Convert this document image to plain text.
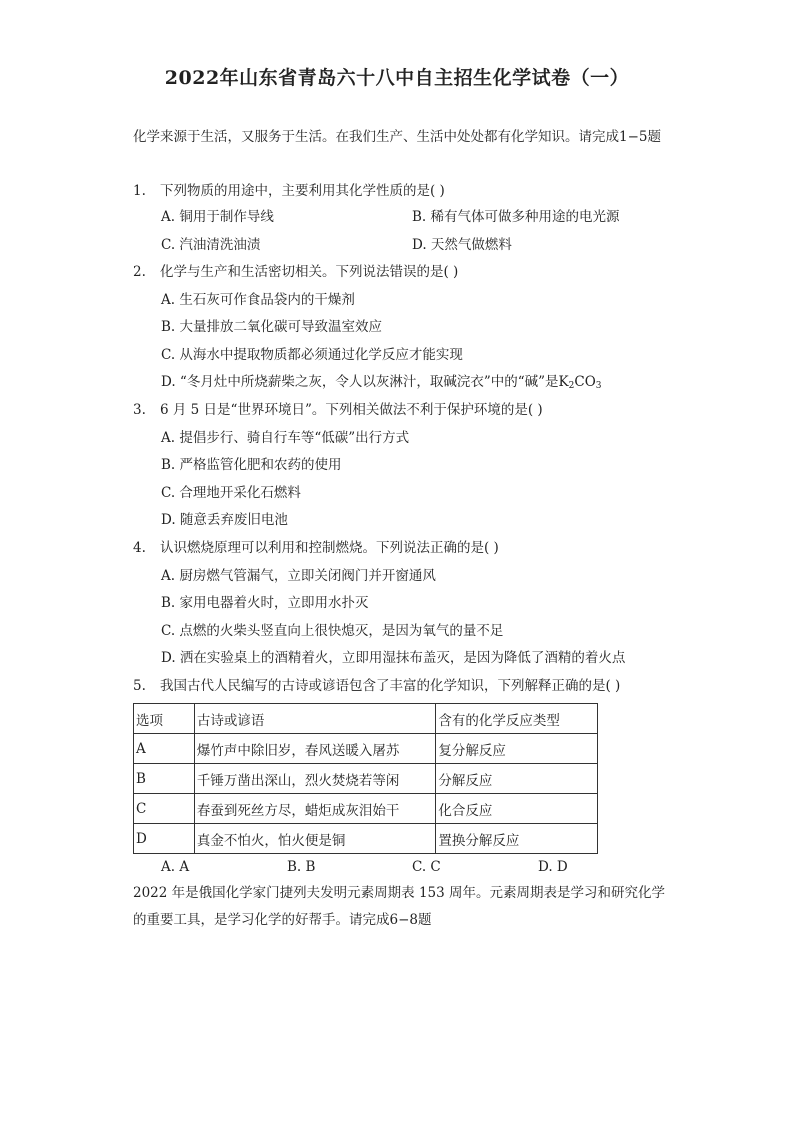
2022年山东省青岛六十八中自主招生化学试卷（一）
化学来源于生活，又服务于生活。在我们生产、生活中处处都有化学知识。请完成1−5题
1. 下列物质的用途中，主要利用其化学性质的是( )
A. 铜用于制作导线	B. 稀有气体可做多种用途的电光源
C. 汽油清洗油渍	D. 天然气做燃料
2. 化学与生产和生活密切相关。下列说法错误的是( )
A. 生石灰可作食品袋内的干燥剂
B. 大量排放二氧化碳可导致温室效应
C. 从海水中提取物质都必须通过化学反应才能实现
D. “冬月灶中所烧薪柴之灰，令人以灰淋汁，取碱浣衣”中的“碱”是$K_2CO_3$
3. 6 月 5 日是“世界环境日”。下列相关做法不利于保护环境的是( )
A. 提倡步行、骑自行车等“低碳”出行方式
B. 严格监管化肥和农药的使用
C. 合理地开采化石燃料
D. 随意丢弃废旧电池
4. 认识燃烧原理可以利用和控制燃烧。下列说法正确的是( )
A. 厨房燃气管漏气，立即关闭阀门并开窗通风
B. 家用电器着火时，立即用水扑灭
C. 点燃的火柴头竖直向上很快熄灭，是因为氧气的量不足
D. 洒在实验桌上的酒精着火，立即用湿抹布盖灭，是因为降低了酒精的着火点
5. 我国古代人民编写的古诗或谚语包含了丰富的化学知识，下列解释正确的是( )
选项	古诗或谚语	含有的化学反应类型
A	爆竹声中除旧岁，春风送暖入屠苏	复分解反应
B	千锤万凿出深山，烈火焚烧若等闲	分解反应
C	春蚕到死丝方尽，蜡炬成灰泪始干	化合反应
D	真金不怕火，怕火便是铜	置换分解反应
A. A	B. B	C. C	D. D
2022 年是俄国化学家门捷列夫发明元素周期表 153 周年。元素周期表是学习和研究化学的重要工具，是学习化学的好帮手。请完成6−8题
